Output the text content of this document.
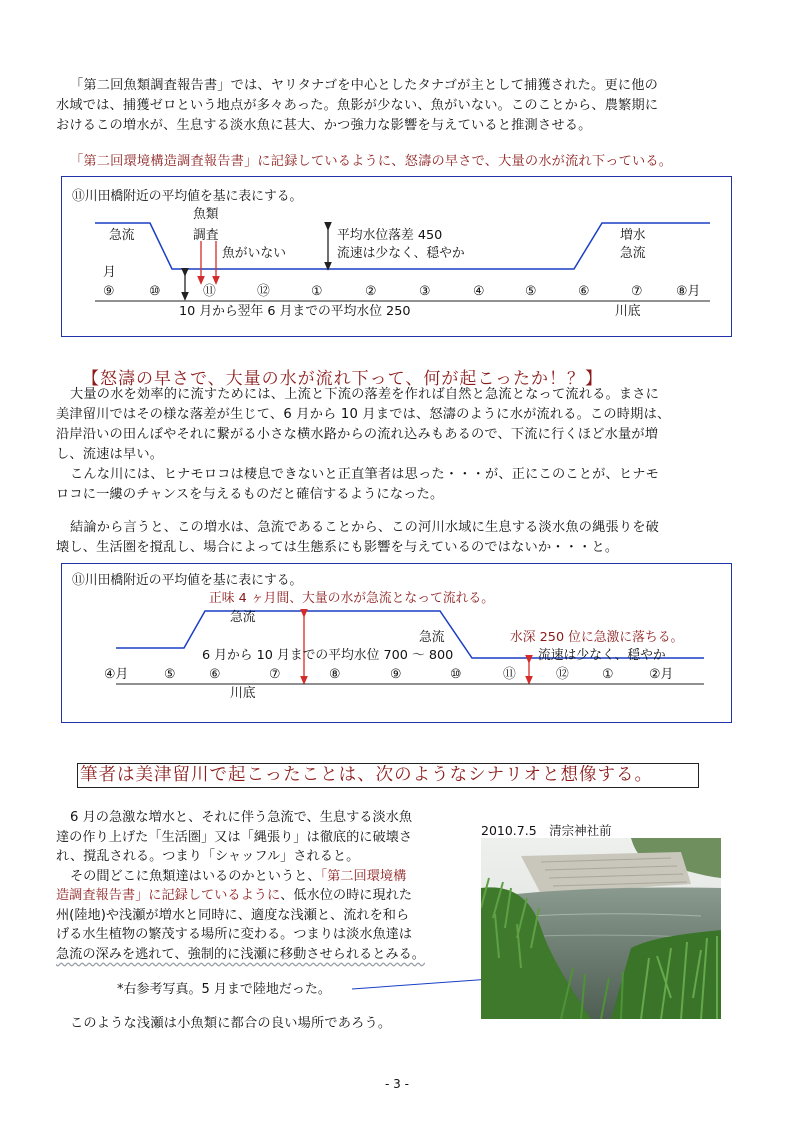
「第二回魚類調査報告書」では、ヤリタナゴを中心としたタナゴが主として捕獲された。更に他の
水域では、捕獲ゼロという地点が多々あった。魚影が少ない、魚がいない。このことから、農繁期に
おけるこの増水が、生息する淡水魚に甚大、かつ強力な影響を与えていると推測させる。
「第二回環境構造調査報告書」に記録しているように、怒濤の早さで、大量の水が流れ下っている。
⑪川田橋附近の平均値を基に表にする。
急流
魚類
調査
魚がいない
平均水位落差 450
流速は少なく、穏やか
増水
急流
月
⑨	⑩	⑪	⑫	①	②	③	④	⑤	⑥	⑦	⑧月
10 月から翌年 6 月までの平均水位 250	川底
【怒濤の早さで、大量の水が流れ下って、何が起こったか！？】
大量の水を効率的に流すためには、上流と下流の落差を作れば自然と急流となって流れる。まさに
美津留川ではその様な落差が生じて、6 月から 10 月までは、怒濤のように水が流れる。この時期は、
沿岸沿いの田んぼやそれに繋がる小さな横水路からの流れ込みもあるので、下流に行くほど水量が増
し、流速は早い。
こんな川には、ヒナモロコは棲息できないと正直筆者は思った・・・が、正にこのことが、ヒナモ
ロコに一縷のチャンスを与えるものだと確信するようになった。
結論から言うと、この増水は、急流であることから、この河川水域に生息する淡水魚の縄張りを破
壊し、生活圏を撹乱し、場合によっては生態系にも影響を与えているのではないか・・・と。
⑪川田橋附近の平均値を基に表にする。
正味 4 ヶ月間、大量の水が急流となって流れる。
急流
急流	水深 250 位に急激に落ちる。
6 月から 10 月までの平均水位 700 ～ 800	流速は少なく、穏やか
④月	⑤	⑥	⑦	⑧	⑨	⑩	⑪	⑫	①	②月
川底
筆者は美津留川で起こったことは、次のようなシナリオと想像する。
6 月の急激な増水と、それに伴う急流で、生息する淡水魚
達の作り上げた「生活圏」又は「縄張り」は徹底的に破壊さ
れ、撹乱される。つまり「シャッフル」されると。
その間どこに魚類達はいるのかというと、「第二回環境構
造調査報告書」に記録しているように、低水位の時に現れた
州(陸地)や浅瀬が増水と同時に、適度な浅瀬と、流れを和ら
げる水生植物の繁茂する場所に変わる。つまりは淡水魚達は
急流の深みを逃れて、強制的に浅瀬に移動させられるとみる。
*右参考写真。5 月まで陸地だった。
2010.7.5　清宗神社前
このような浅瀬は小魚類に都合の良い場所であろう。
- 3 -
